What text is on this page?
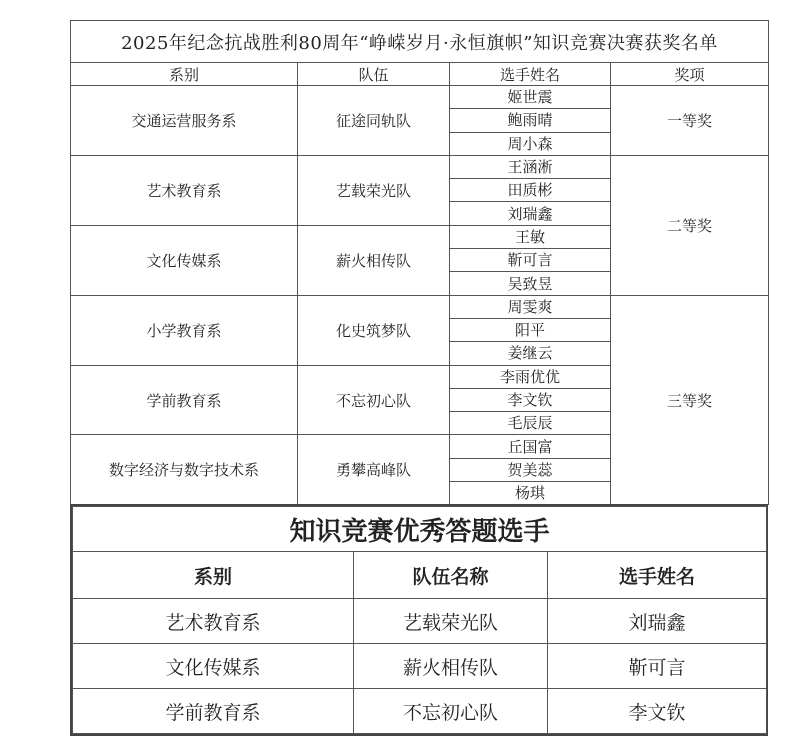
2025年纪念抗战胜利80周年“峥嵘岁月·永恒旗帜”知识竞赛决赛获奖名单			
系别	队伍	选手姓名	奖项
交通运营服务系	征途同轨队	姬世震	一等奖
		鲍雨晴	
		周小森	
艺术教育系	艺载荣光队	王涵淅	二等奖
		田质彬	
		刘瑞鑫	
文化传媒系	薪火相传队	王敏	
		靳可言	
		吴致昱	
小学教育系	化史筑梦队	周雯爽	三等奖
		阳平	
		姜继云	
学前教育系	不忘初心队	李雨优优	
		李文钦	
		毛辰辰	
数字经济与数字技术系	勇攀高峰队	丘国富	
		贺美蕊	
		杨琪	
知识竞赛优秀答题选手		
系别	队伍名称	选手姓名
艺术教育系	艺载荣光队	刘瑞鑫
文化传媒系	薪火相传队	靳可言
学前教育系	不忘初心队	李文钦
